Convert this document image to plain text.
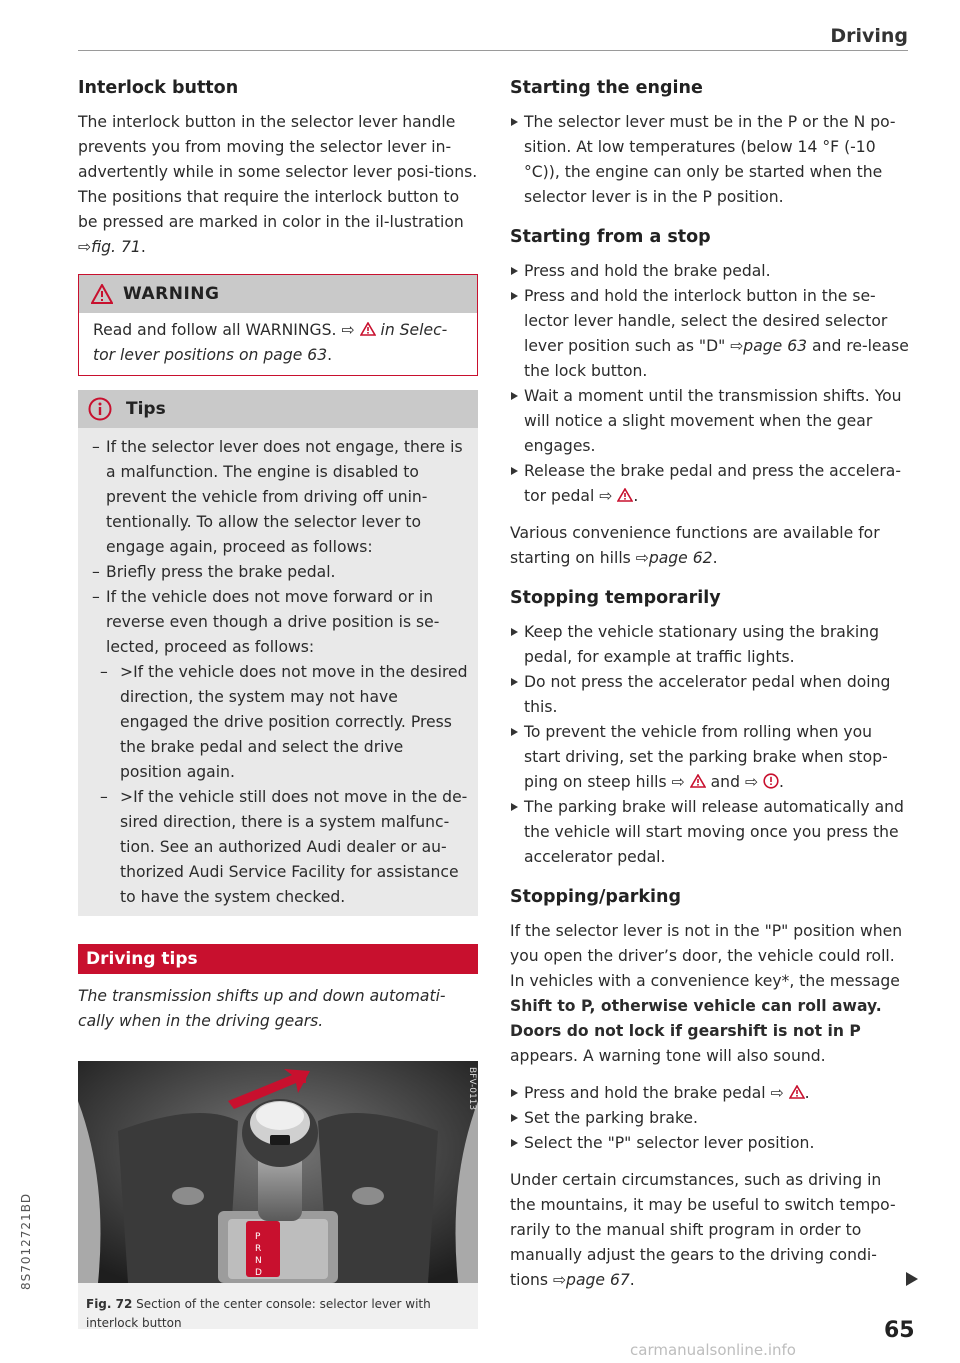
Driving
Interlock button

The interlock button in the selector lever handle prevents you from moving the selector lever in-advertently while in some selector lever posi-tions. The positions that require the interlock button to be pressed are marked in color in the il-lustration ⇨fig. 71.

WARNING
Read and follow all WARNINGS. ⇨ in Selec-tor lever positions on page 63.
Tips
– If the selector lever does not engage, there is a malfunction. The engine is disabled to prevent the vehicle from driving off unin-tentionally. To allow the selector lever to engage again, proceed as follows:
– Briefly press the brake pedal.
– If the vehicle does not move forward or in reverse even though a drive position is se-lected, proceed as follows:
– >If the vehicle does not move in the desired direction, the system may not have engaged the drive position correctly. Press the brake pedal and select the drive position again.
– >If the vehicle still does not move in the de-sired direction, there is a system malfunc-tion. See an authorized Audi dealer or au-thorized Audi Service Facility for assistance to have the system checked.
Driving tips

The transmission shifts up and down automati-cally when in the driving gears.

P
R
N
D
BFV-0113
Fig. 72 Section of the center console: selector lever with interlock button
Starting the engine
The selector lever must be in the P or the N po-sition. At low temperatures (below 14 °F (-10 °C)), the engine can only be started when the selector lever is in the P position.
Starting from a stop
Press and hold the brake pedal.
Press and hold the interlock button in the se-lector lever handle, select the desired selector lever position such as "D" ⇨page 63 and re-lease the lock button.
Wait a moment until the transmission shifts. You will notice a slight movement when the gear engages.
Release the brake pedal and press the accelera-tor pedal ⇨ .

Various convenience functions are available for starting on hills ⇨page 62.

Stopping temporarily
Keep the vehicle stationary using the braking pedal, for example at traffic lights.
Do not press the accelerator pedal when doing this.
To prevent the vehicle from rolling when you start driving, set the parking brake when stop-ping on steep hills ⇨ and ⇨ .
The parking brake will release automatically and the vehicle will start moving once you press the accelerator pedal.
Stopping/parking

If the selector lever is not in the "P" position when you open the driver’s door, the vehicle could roll. In vehicles with a convenience key*, the message Shift to P, otherwise vehicle can roll away. Doors do not lock if gearshift is not in P appears. A warning tone will also sound.

Press and hold the brake pedal ⇨ .
Set the parking brake.
Select the "P" selector lever position.

Under certain circumstances, such as driving in the mountains, it may be useful to switch tempo-rarily to the manual shift program in order to manually adjust the gears to the driving condi-tions ⇨page 67.

65
8S7012721BD
carmanualsonline.info
